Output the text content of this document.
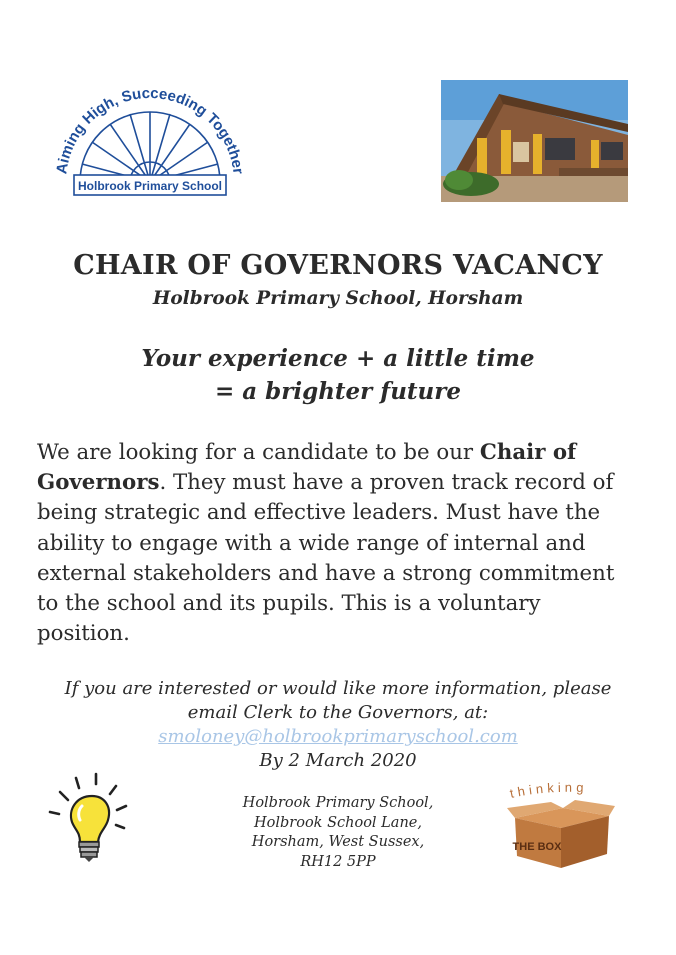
Aiming High, Succeeding Together
Holbrook Primary School
CHAIR OF GOVERNORS VACANCY
Holbrook Primary School, Horsham
Your experience + a little time
= a brighter future
We are looking for a candidate to be our Chair of Governors. They must have a proven track record of being strategic and effective leaders. Must have the ability to engage with a wide range of internal and external stakeholders and have a strong commitment to the school and its pupils. This is a voluntary position.
If you are interested or would like more information, please
email Clerk to the Governors, at:
smoloney@holbrookprimaryschool.com
By 2 March 2020
Holbrook Primary School,
Holbrook School Lane,
Horsham, West Sussex,
RH12 5PP
thinking
THE BOX
